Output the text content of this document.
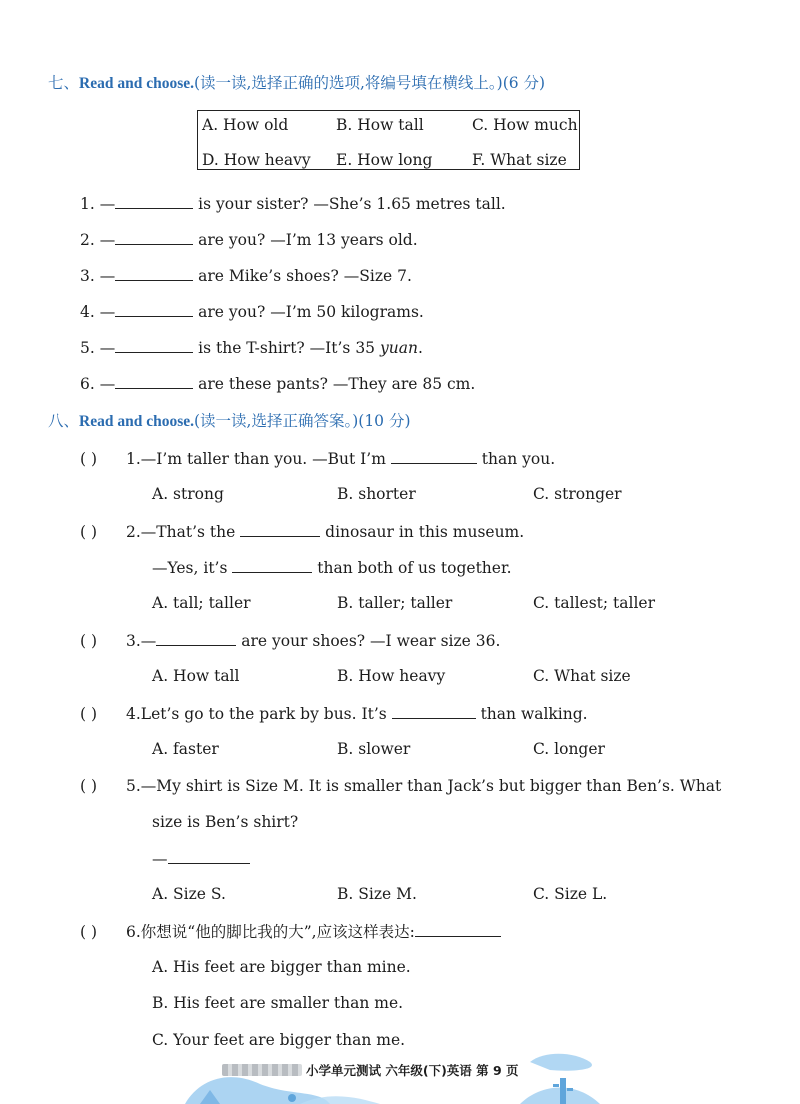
七、Read and choose.(读一读,选择正确的选项,将编号填在横线上。)(6 分)
A. How old	B. How tall	C. How much
D. How heavy E. How long	F. What size
1. —	is your sister? —She’s 1.65 metres tall.
2. —	are you? —I’m 13 years old.
3. —	are Mike’s shoes? —Size 7.
4. —	are you? —I’m 50 kilograms.
5. —	is the T-shirt? —It’s 35 yuan.
6. —	are these pants? —They are 85 cm.
八、Read and choose.(读一读,选择正确答案。)(10 分)
( ) 1.—I’m taller than you. —But I’m	than you.
A. strong	B. shorter	C. stronger
( ) 2.—That’s the	dinosaur in this museum.
—Yes, it’s	than both of us together.
A. tall; taller	B. taller; taller	C. tallest; taller
( ) 3.—	are your shoes? —I wear size 36.
A. How tall	B. How heavy	C. What size
( ) 4.Let’s go to the park by bus. It’s	than walking.
A. faster	B. slower	C. longer
( ) 5.—My shirt is Size M. It is smaller than Jack’s but bigger than Ben’s. What
size is Ben’s shirt?
—
A. Size S.	B. Size M.	C. Size L.
( ) 6.你想说“他的脚比我的大”,应该这样表达:
A. His feet are bigger than mine.
B. His feet are smaller than me.
C. Your feet are bigger than me.
小学单元测试 六年级(下)英语 第 9 页
